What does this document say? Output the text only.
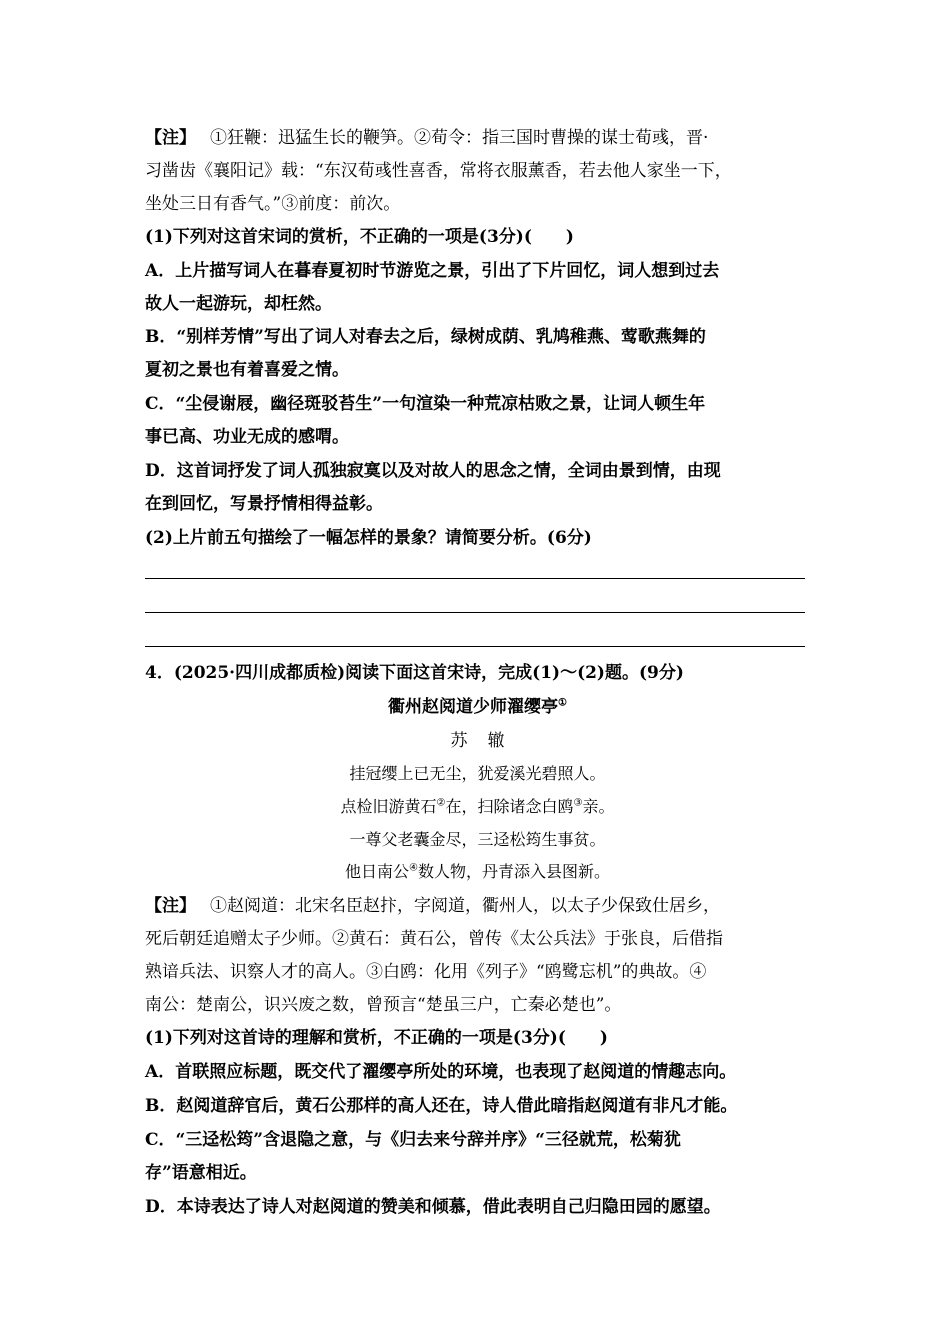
【注】 ①狂鞭：迅猛生长的鞭笋。②荀令：指三国时曹操的谋士荀彧，晋·
习凿齿《襄阳记》载：“东汉荀彧性喜香，常将衣服薰香，若去他人家坐一下，
坐处三日有香气。”③前度：前次。
(1)下列对这首宋词的赏析，不正确的一项是(3分)(　　)
A．上片描写词人在暮春夏初时节游览之景，引出了下片回忆，词人想到过去
故人一起游玩，却枉然。
B．“别样芳情”写出了词人对春去之后，绿树成荫、乳鸠稚燕、莺歌燕舞的
夏初之景也有着喜爱之情。
C．“尘侵谢屐，幽径斑驳苔生”一句渲染一种荒凉枯败之景，让词人顿生年
事已高、功业无成的感喟。
D．这首词抒发了词人孤独寂寞以及对故人的思念之情，全词由景到情，由现
在到回忆，写景抒情相得益彰。
(2)上片前五句描绘了一幅怎样的景象？请简要分析。(6分)
4．(2025·四川成都质检)阅读下面这首宋诗，完成(1)～(2)题。(9分)
衢州赵阅道少师濯缨亭①
苏 辙
挂冠缨上已无尘，犹爱溪光碧照人。
点检旧游黄石②在，扫除诸念白鸥③亲。
一尊父老囊金尽，三迳松筠生事贫。
他日南公④数人物，丹青添入县图新。
【注】 ①赵阅道：北宋名臣赵抃，字阅道，衢州人，以太子少保致仕居乡，
死后朝廷追赠太子少师。②黄石：黄石公，曾传《太公兵法》于张良，后借指
熟谙兵法、识察人才的高人。③白鸥：化用《列子》“鸥鹭忘机”的典故。④
南公：楚南公，识兴废之数，曾预言“楚虽三户，亡秦必楚也”。
(1)下列对这首诗的理解和赏析，不正确的一项是(3分)(　　)
A．首联照应标题，既交代了濯缨亭所处的环境，也表现了赵阅道的情趣志向。
B．赵阅道辞官后，黄石公那样的高人还在，诗人借此暗指赵阅道有非凡才能。
C．“三迳松筠”含退隐之意，与《归去来兮辞并序》“三径就荒，松菊犹
存”语意相近。
D．本诗表达了诗人对赵阅道的赞美和倾慕，借此表明自己归隐田园的愿望。
